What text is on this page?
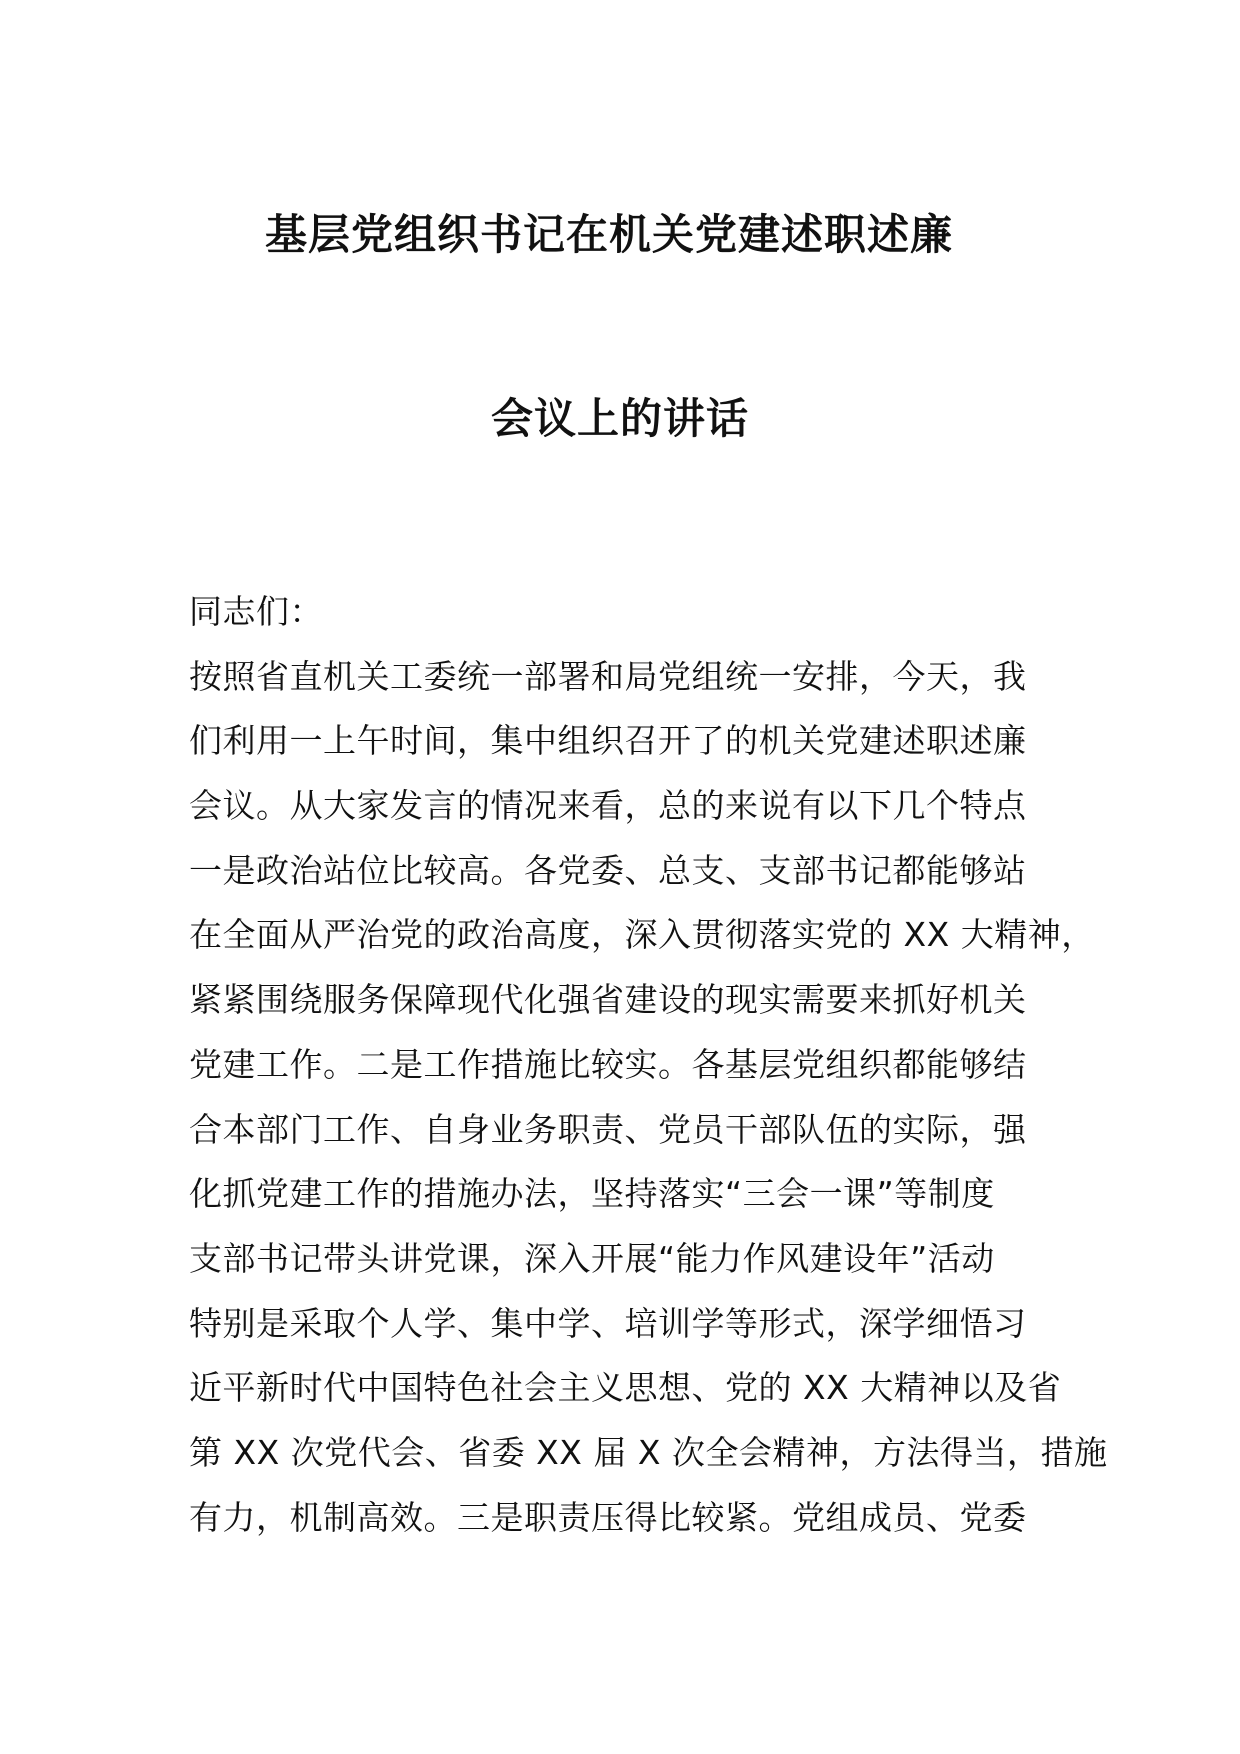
基层党组织书记在机关党建述职述廉
会议上的讲话
同志们：
按照省直机关工委统一部署和局党组统一安排，今天，我
们利用一上午时间，集中组织召开了的机关党建述职述廉
会议。从大家发言的情况来看，总的来说有以下几个特点
一是政治站位比较高。各党委、总支、支部书记都能够站
在全面从严治党的政治高度，深入贯彻落实党的 XX 大精神，
紧紧围绕服务保障现代化强省建设的现实需要来抓好机关
党建工作。二是工作措施比较实。各基层党组织都能够结
合本部门工作、自身业务职责、党员干部队伍的实际，强
化抓党建工作的措施办法，坚持落实“三会一课”等制度
支部书记带头讲党课，深入开展“能力作风建设年”活动
特别是采取个人学、集中学、培训学等形式，深学细悟习
近平新时代中国特色社会主义思想、党的 XX 大精神以及省
第 XX 次党代会、省委 XX 届 X 次全会精神，方法得当，措施
有力，机制高效。三是职责压得比较紧。党组成员、党委
